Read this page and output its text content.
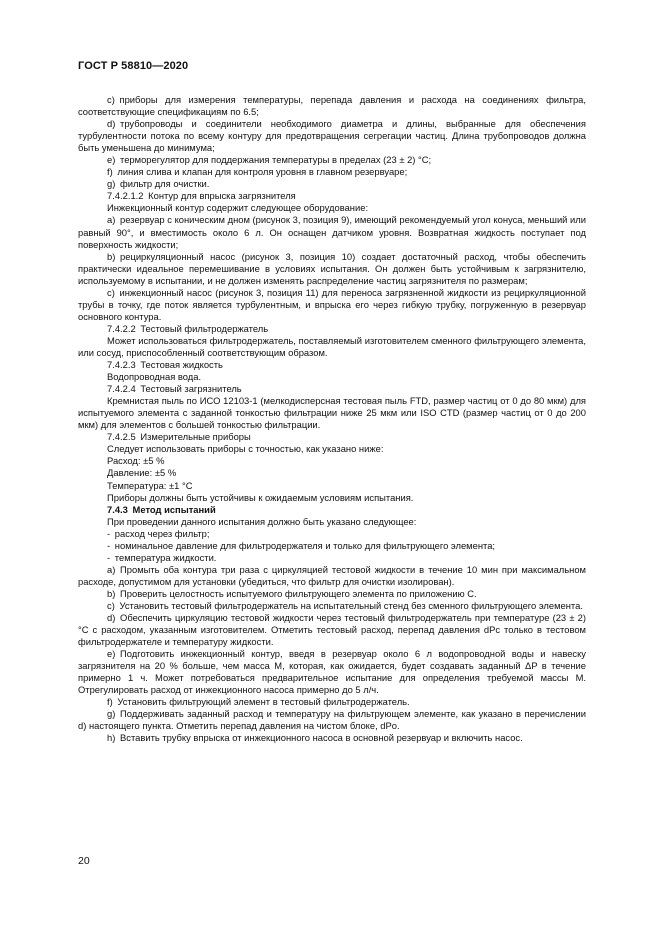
ГОСТ Р 58810—2020

c) приборы для измерения температуры, перепада давления и расхода на соединениях фильтра, соответствующие спецификациям по 6.5;

d) трубопроводы и соединители необходимого диаметра и длины, выбранные для обеспечения турбулентности потока по всему контуру для предотвращения сегрегации частиц. Длина трубопроводов должна быть уменьшена до минимума;

e) терморегулятор для поддержания температуры в пределах (23 ± 2) °С;

f) линия слива и клапан для контроля уровня в главном резервуаре;

g) фильтр для очистки.

7.4.2.1.2 Контур для впрыска загрязнителя

Инжекционный контур содержит следующее оборудование:

a) резервуар с коническим дном (рисунок 3, позиция 9), имеющий рекомендуемый угол конуса, меньший или равный 90°, и вместимость около 6 л. Он оснащен датчиком уровня. Возвратная жидкость поступает под поверхность жидкости;

b) рециркуляционный насос (рисунок 3, позиция 10) создает достаточный расход, чтобы обеспечить практически идеальное перемешивание в условиях испытания. Он должен быть устойчивым к загрязнителю, используемому в испытании, и не должен изменять распределение частиц загрязнителя по размерам;

c) инжекционный насос (рисунок 3, позиция 11) для переноса загрязненной жидкости из рециркуляционной трубы в точку, где поток является турбулентным, и впрыска его через гибкую трубку, погруженную в резервуар основного контура.

7.4.2.2 Тестовый фильтродержатель

Может использоваться фильтродержатель, поставляемый изготовителем сменного фильтрующего элемента, или сосуд, приспособленный соответствующим образом.

7.4.2.3 Тестовая жидкость

Водопроводная вода.

7.4.2.4 Тестовый загрязнитель

Кремнистая пыль по ИСО 12103-1 (мелкодисперсная тестовая пыль FTD, размер частиц от 0 до 80 мкм) для испытуемого элемента с заданной тонкостью фильтрации ниже 25 мкм или ISO CTD (размер частиц от 0 до 200 мкм) для элементов с большей тонкостью фильтрации.

7.4.2.5 Измерительные приборы

Следует использовать приборы с точностью, как указано ниже:

Расход: ±5 %

Давление: ±5 %

Температура: ±1 °С

Приборы должны быть устойчивы к ожидаемым условиям испытания.

7.4.3 Метод испытаний

При проведении данного испытания должно быть указано следующее:

- расход через фильтр;

- номинальное давление для фильтродержателя и только для фильтрующего элемента;

- температура жидкости.

a) Промыть оба контура три раза с циркуляцией тестовой жидкости в течение 10 мин при максимальном расходе, допустимом для установки (убедиться, что фильтр для очистки изолирован).

b) Проверить целостность испытуемого фильтрующего элемента по приложению С.

c) Установить тестовый фильтродержатель на испытательный стенд без сменного фильтрующего элемента.

d) Обеспечить циркуляцию тестовой жидкости через тестовый фильтродержатель при температуре (23 ± 2) °С с расходом, указанным изготовителем. Отметить тестовый расход, перепад давления dPc только в тестовом фильтродержателе и температуру жидкости.

e) Подготовить инжекционный контур, введя в резервуар около 6 л водопроводной воды и навеску загрязнителя на 20 % больше, чем масса M, которая, как ожидается, будет создавать заданный ΔP в течение примерно 1 ч. Может потребоваться предварительное испытание для определения требуемой массы M. Отрегулировать расход от инжекционного насоса примерно до 5 л/ч.

f) Установить фильтрующий элемент в тестовый фильтродержатель.

g) Поддерживать заданный расход и температуру на фильтрующем элементе, как указано в перечислении d) настоящего пункта. Отметить перепад давления на чистом блоке, dPo.

h) Вставить трубку впрыска от инжекционного насоса в основной резервуар и включить насос.

20
